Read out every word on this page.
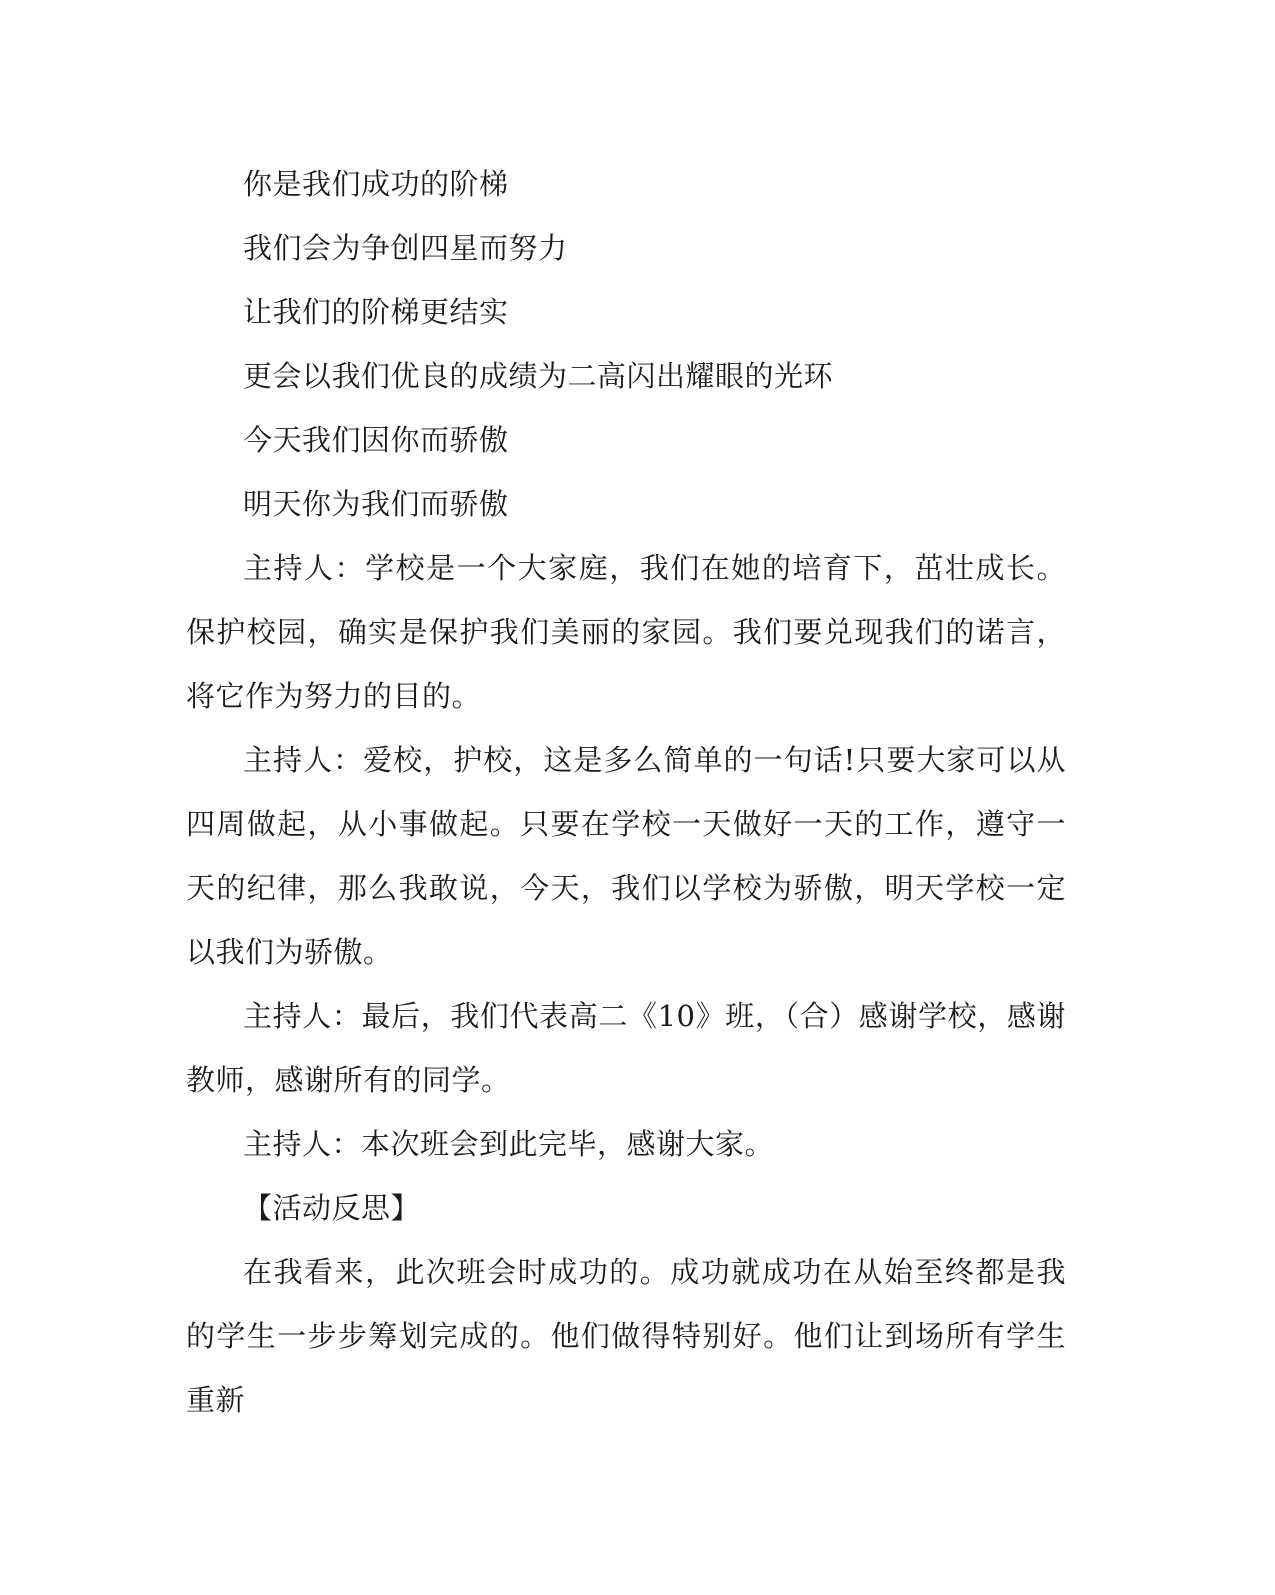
你是我们成功的阶梯

我们会为争创四星而努力

让我们的阶梯更结实

更会以我们优良的成绩为二高闪出耀眼的光环

今天我们因你而骄傲

明天你为我们而骄傲

主持人：学校是一个大家庭，我们在她的培育下，茁壮成长。保护校园，确实是保护我们美丽的家园。我们要兑现我们的诺言，将它作为努力的目的。

主持人：爱校，护校，这是多么简单的一句话!只要大家可以从四周做起，从小事做起。只要在学校一天做好一天的工作，遵守一天的纪律，那么我敢说，今天，我们以学校为骄傲，明天学校一定以我们为骄傲。

主持人：最后，我们代表高二《10》班，（合）感谢学校，感谢教师，感谢所有的同学。

主持人：本次班会到此完毕，感谢大家。

【活动反思】

在我看来，此次班会时成功的。成功就成功在从始至终都是我的学生一步步筹划完成的。他们做得特别好。他们让到场所有学生重新
